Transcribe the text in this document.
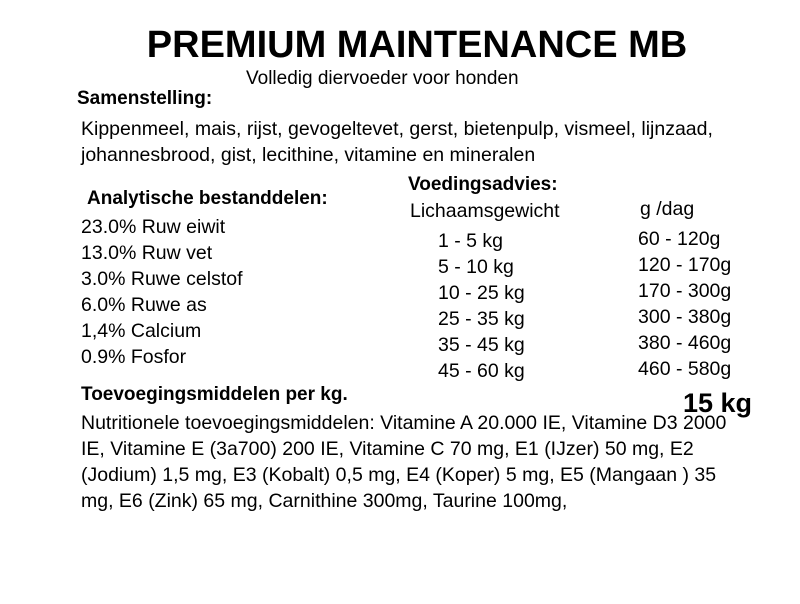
PREMIUM MAINTENANCE MB
Volledig diervoeder voor honden
Samenstelling:
Kippenmeel, mais, rijst, gevogeltevet, gerst, bietenpulp, vismeel, lijnzaad, johannesbrood, gist, lecithine, vitamine en mineralen
Analytische bestanddelen:
23.0% Ruw eiwit
13.0% Ruw vet
3.0% Ruwe celstof
6.0% Ruwe as
1,4% Calcium
0.9% Fosfor
Voedingsadvies:
Lichaamsgewicht	g /dag
1 - 5 kg
5 - 10 kg
10 - 25 kg
25 - 35 kg
35 - 45 kg
45 - 60 kg
60 - 120g
120 - 170g
170 - 300g
300 - 380g
380 - 460g
460 - 580g
Toevoegingsmiddelen per kg.	15 kg
Nutritionele toevoegingsmiddelen: Vitamine A 20.000 IE, Vitamine D3 2000 IE, Vitamine E (3a700) 200 IE, Vitamine C 70 mg, E1 (IJzer) 50 mg, E2 (Jodium) 1,5 mg, E3 (Kobalt) 0,5 mg, E4 (Koper) 5 mg, E5 (Mangaan ) 35 mg, E6 (Zink) 65 mg, Carnithine 300mg, Taurine 100mg,
